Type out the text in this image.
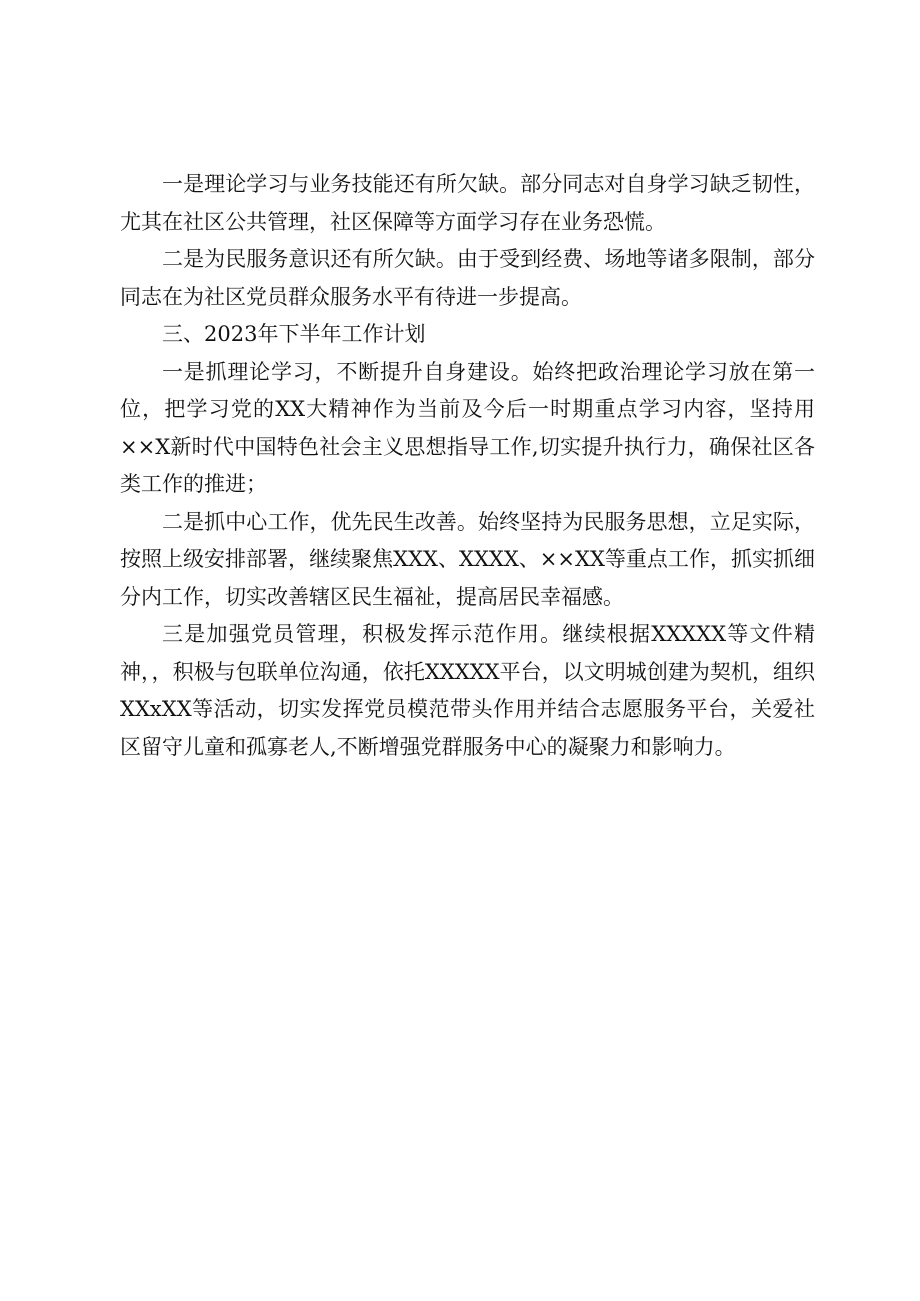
一是理论学习与业务技能还有所欠缺。部分同志对自身学习缺乏韧性，尤其在社区公共管理，社区保障等方面学习存在业务恐慌。

二是为民服务意识还有所欠缺。由于受到经费、场地等诸多限制，部分同志在为社区党员群众服务水平有待进一步提高。

三、2023年下半年工作计划

一是抓理论学习，不断提升自身建设。始终把政治理论学习放在第一位，把学习党的XX大精神作为当前及今后一时期重点学习内容，坚持用××X新时代中国特色社会主义思想指导工作,切实提升执行力，确保社区各类工作的推进；

二是抓中心工作，优先民生改善。始终坚持为民服务思想，立足实际，按照上级安排部署，继续聚焦XXX、XXXX、××XX等重点工作，抓实抓细分内工作，切实改善辖区民生福祉，提高居民幸福感。

三是加强党员管理，积极发挥示范作用。继续根据XXXXX等文件精神，，积极与包联单位沟通，依托XXXXX平台，以文明城创建为契机，组织XXxXX等活动，切实发挥党员模范带头作用并结合志愿服务平台，关爱社区留守儿童和孤寡老人,不断增强党群服务中心的凝聚力和影响力。
